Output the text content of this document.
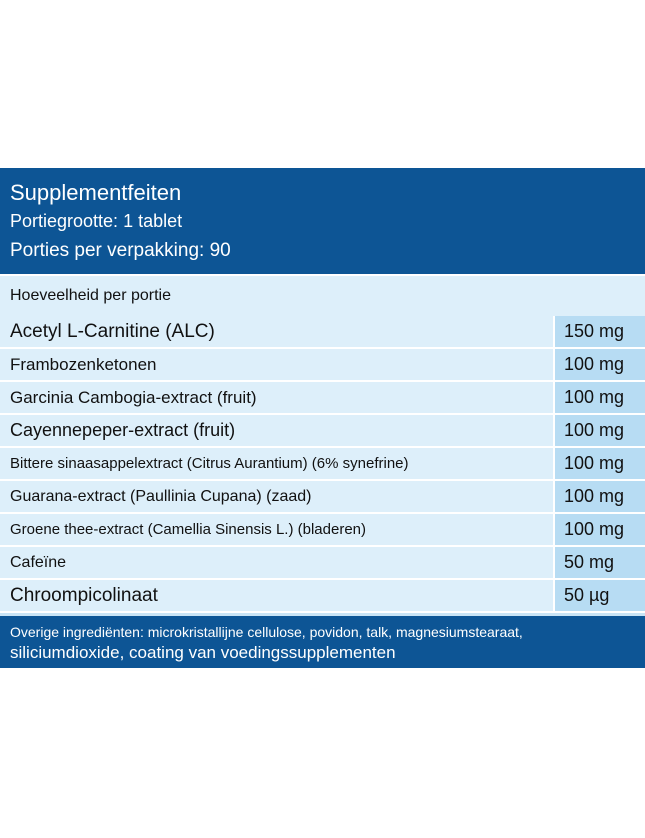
Supplementfeiten
Portiegrootte: 1 tablet
Porties per verpakking: 90
Hoeveelheid per portie
Acetyl L-Carnitine (ALC)	150 mg
Frambozenketonen	100 mg
Garcinia Cambogia-extract (fruit)	100 mg
Cayennepeper-extract (fruit)	100 mg
Bittere sinaasappelextract (Citrus Aurantium) (6% synefrine)	100 mg
Guarana-extract (Paullinia Cupana) (zaad)	100 mg
Groene thee-extract (Camellia Sinensis L.) (bladeren)	100 mg
Cafeïne	50 mg
Chroompicolinaat	50 µg
Overige ingrediënten: microkristallijne cellulose, povidon, talk, magnesiumstearaat,
siliciumdioxide, coating van voedingssupplementen
